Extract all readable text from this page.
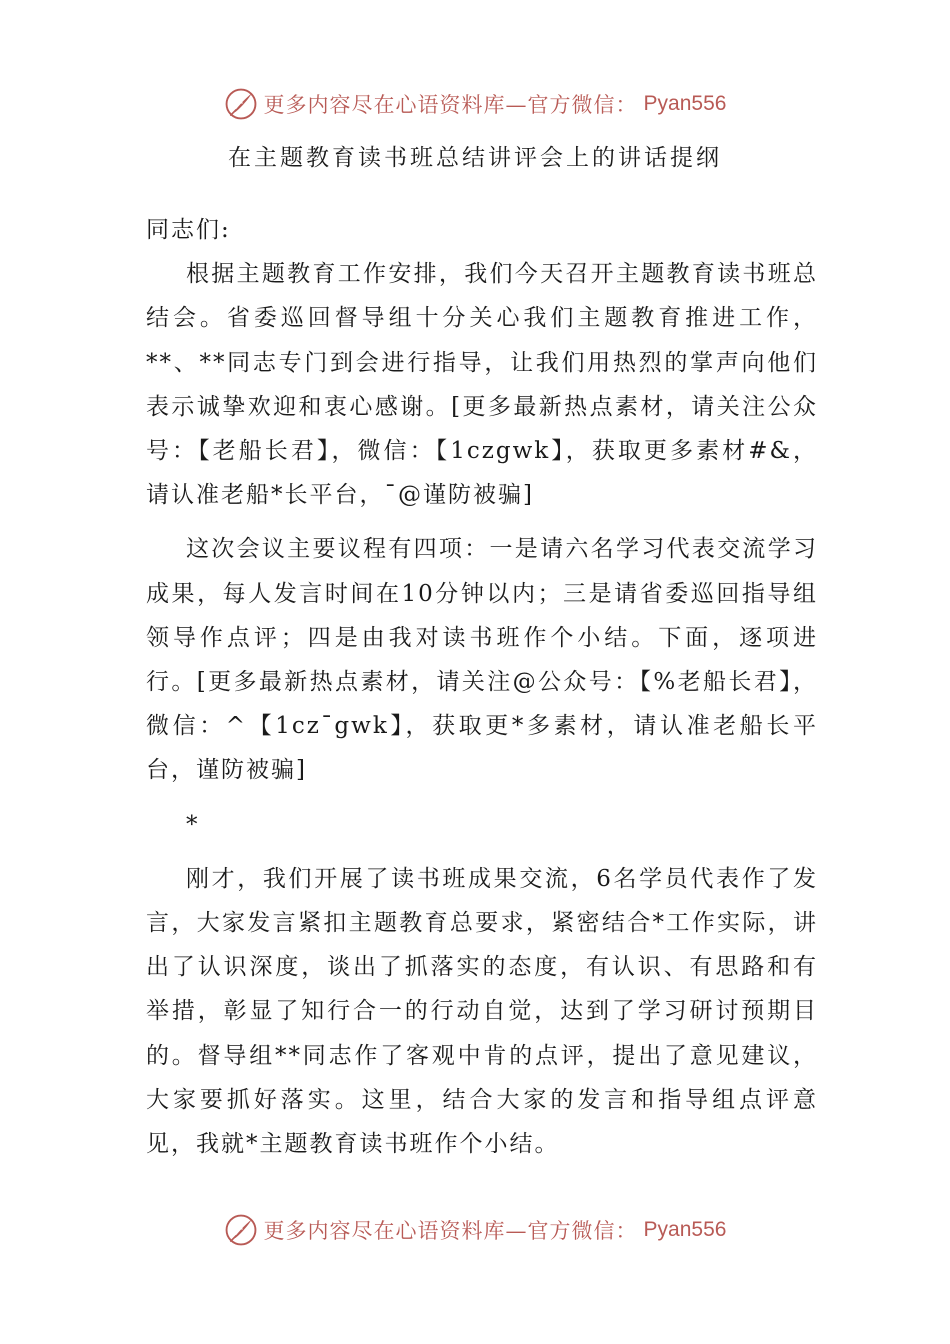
更多内容尽在心语资料库—官方微信： Pyan556
在主题教育读书班总结讲评会上的讲话提纲

同志们:

根据主题教育工作安排，我们今天召开主题教育读书班总结会。省委巡回督导组十分关心我们主题教育推进工作，**、**同志专门到会进行指导，让我们用热烈的掌声向他们表示诚挚欢迎和衷心感谢。[更多最新热点素材，请关注公众号：【老船长君】，微信：【1czgwk】，获取更多素材#&，请认准老船*长平台，¯@谨防被骗]

这次会议主要议程有四项：一是请六名学习代表交流学习成果，每人发言时间在10分钟以内；三是请省委巡回指导组领导作点评；四是由我对读书班作个小结。下面，逐项进行。[更多最新热点素材，请关注@公众号：【%老船长君】，微信：^【1cz¯gwk】，获取更*多素材，请认准老船长平台，谨防被骗]

*

刚才，我们开展了读书班成果交流，6名学员代表作了发言，大家发言紧扣主题教育总要求，紧密结合*工作实际，讲出了认识深度，谈出了抓落实的态度，有认识、有思路和有举措，彰显了知行合一的行动自觉，达到了学习研讨预期目的。督导组**同志作了客观中肯的点评，提出了意见建议，大家要抓好落实。这里，结合大家的发言和指导组点评意见，我就*主题教育读书班作个小结。

更多内容尽在心语资料库—官方微信： Pyan556
